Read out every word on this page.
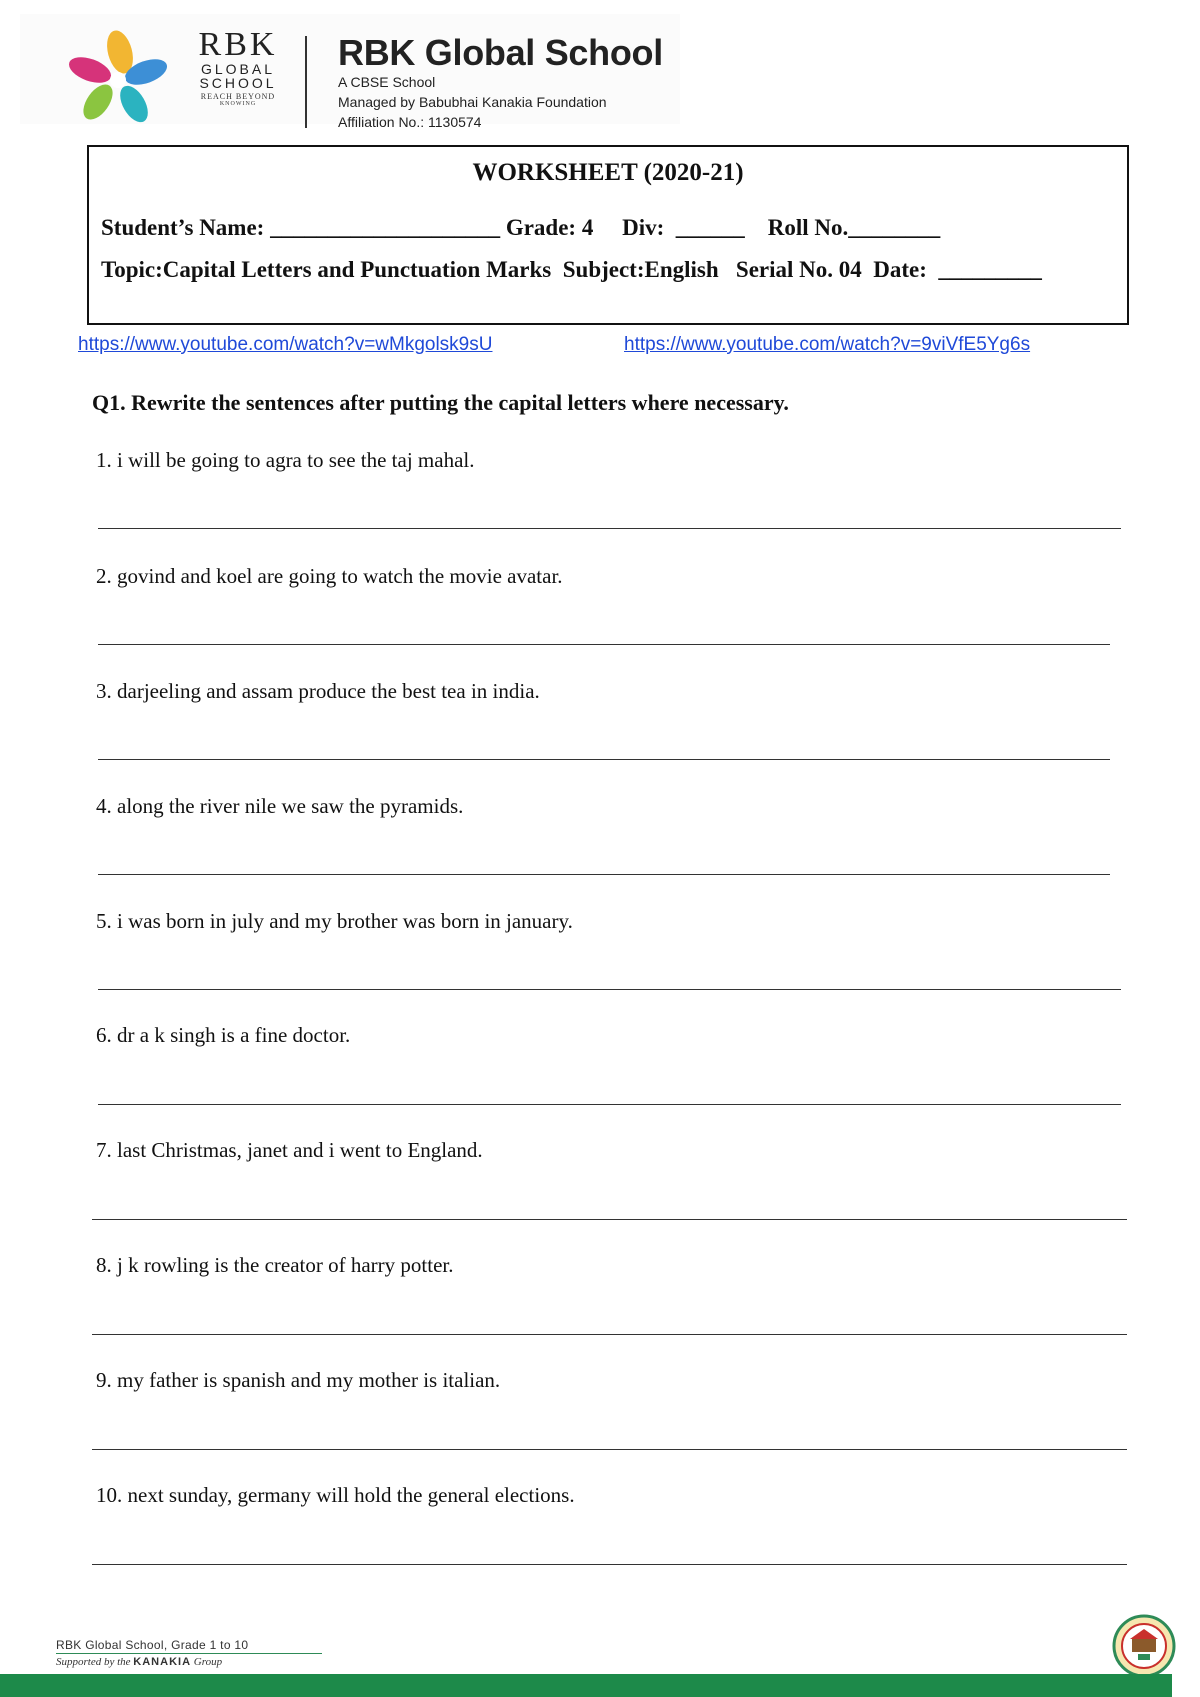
RBK
GLOBAL
SCHOOL
REACH BEYOND
KNOWING
RBK Global School
A CBSE School
Managed by Babubhai Kanakia Foundation
Affiliation No.: 1130574
WORKSHEET (2020-21)
Student’s Name: ____________________ Grade: 4     Div:  ______    Roll No.________
Topic:Capital Letters and Punctuation Marks  Subject:English   Serial No. 04  Date:  _________
https://www.youtube.com/watch?v=wMkgolsk9sU	https://www.youtube.com/watch?v=9viVfE5Yg6s
Q1. Rewrite the sentences after putting the capital letters where necessary.
1. i will be going to agra to see the taj mahal.
2. govind and koel are going to watch the movie avatar.
3. darjeeling and assam produce the best tea in india.
4. along the river nile we saw the pyramids.
5. i was born in july and my brother was born in january.
6. dr a k singh is a fine doctor.
7. last Christmas, janet and i went to England.
8. j k rowling is the creator of harry potter.
9. my father is spanish and my mother is italian.
10. next sunday, germany will hold the general elections.
RBK Global School, Grade 1 to 10
Supported by the KANAKIA Group
